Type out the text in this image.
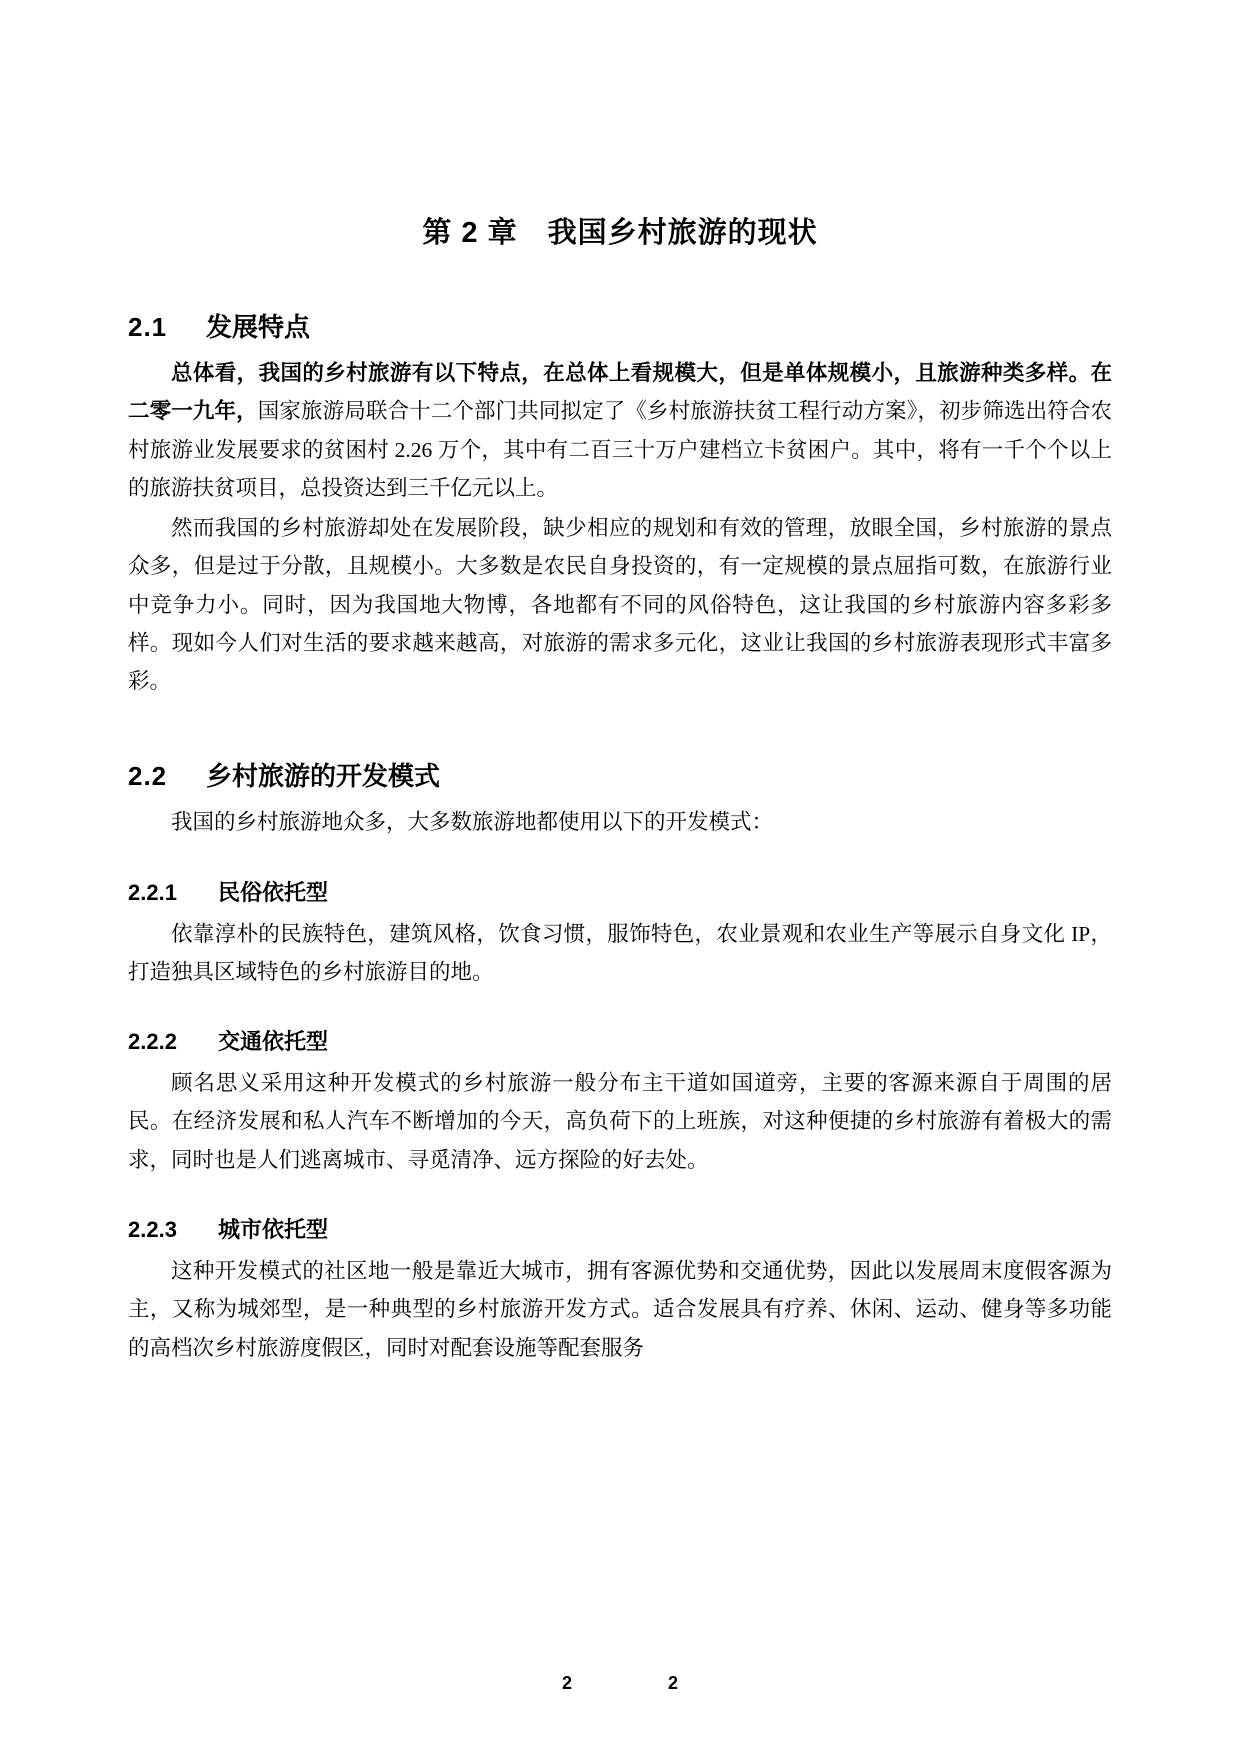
第 2 章　我国乡村旅游的现状
2.1 发展特点

总体看，我国的乡村旅游有以下特点，在总体上看规模大，但是单体规模小，且旅游种类多样。在二零一九年，国家旅游局联合十二个部门共同拟定了《乡村旅游扶贫工程行动方案》，初步筛选出符合农村旅游业发展要求的贫困村 2.26 万个，其中有二百三十万户建档立卡贫困户。其中，将有一千个个以上的旅游扶贫项目，总投资达到三千亿元以上。

然而我国的乡村旅游却处在发展阶段，缺少相应的规划和有效的管理，放眼全国，乡村旅游的景点众多，但是过于分散，且规模小。大多数是农民自身投资的，有一定规模的景点屈指可数，在旅游行业中竞争力小。同时，因为我国地大物博，各地都有不同的风俗特色，这让我国的乡村旅游内容多彩多样。现如今人们对生活的要求越来越高，对旅游的需求多元化，这业让我国的乡村旅游表现形式丰富多彩。

2.2 乡村旅游的开发模式

我国的乡村旅游地众多，大多数旅游地都使用以下的开发模式：

2.2.1 民俗依托型

依靠淳朴的民族特色，建筑风格，饮食习惯，服饰特色，农业景观和农业生产等展示自身文化 IP，打造独具区域特色的乡村旅游目的地。

2.2.2 交通依托型

顾名思义采用这种开发模式的乡村旅游一般分布主干道如国道旁，主要的客源来源自于周围的居民。在经济发展和私人汽车不断增加的今天，高负荷下的上班族，对这种便捷的乡村旅游有着极大的需求，同时也是人们逃离城市、寻觅清净、远方探险的好去处。

2.2.3 城市依托型

这种开发模式的社区地一般是靠近大城市，拥有客源优势和交通优势，因此以发展周末度假客源为主，又称为城郊型，是一种典型的乡村旅游开发方式。适合发展具有疗养、休闲、运动、健身等多功能的高档次乡村旅游度假区，同时对配套设施等配套服务

2	2
